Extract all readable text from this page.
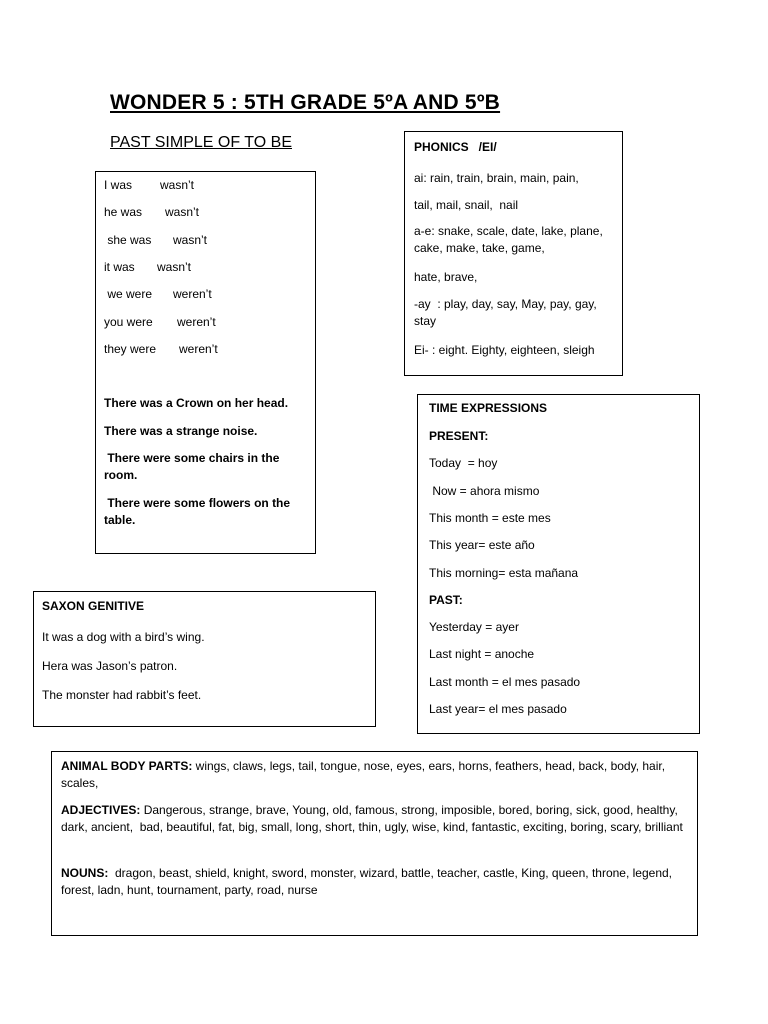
WONDER 5 : 5TH GRADE 5ºA AND 5ºB
PAST SIMPLE OF TO BE
I was wasn’t
he was wasn’t
she was wasn’t
it was wasn’t
we were weren’t
you were weren’t
they were weren’t
There was a Crown on her head.
There was a strange noise.
There were some chairs in the room.
There were some flowers on the table.
PHONICS   /EI/
ai: rain, train, brain, main, pain,
tail, mail, snail,  nail
a-e: snake, scale, date, lake, plane, cake, make, take, game,
hate, brave,
-ay  : play, day, say, May, pay, gay, stay
Ei- : eight. Eighty, eighteen, sleigh
TIME EXPRESSIONS
PRESENT:
Today  = hoy
Now = ahora mismo
This month = este mes
This year= este año
This morning= esta mañana
PAST:
Yesterday = ayer
Last night = anoche
Last month = el mes pasado
Last year= el mes pasado
SAXON GENITIVE
It was a dog with a bird’s wing.
Hera was Jason’s patron.
The monster had rabbit’s feet.
ANIMAL BODY PARTS: wings, claws, legs, tail, tongue, nose, eyes, ears, horns, feathers, head, back, body, hair, scales,
ADJECTIVES: Dangerous, strange, brave, Young, old, famous, strong, imposible, bored, boring, sick, good, healthy, dark, ancient,  bad, beautiful, fat, big, small, long, short, thin, ugly, wise, kind, fantastic, exciting, boring, scary, brilliant
NOUNS:  dragon, beast, shield, knight, sword, monster, wizard, battle, teacher, castle, King, queen, throne, legend, forest, ladn, hunt, tournament, party, road, nurse
